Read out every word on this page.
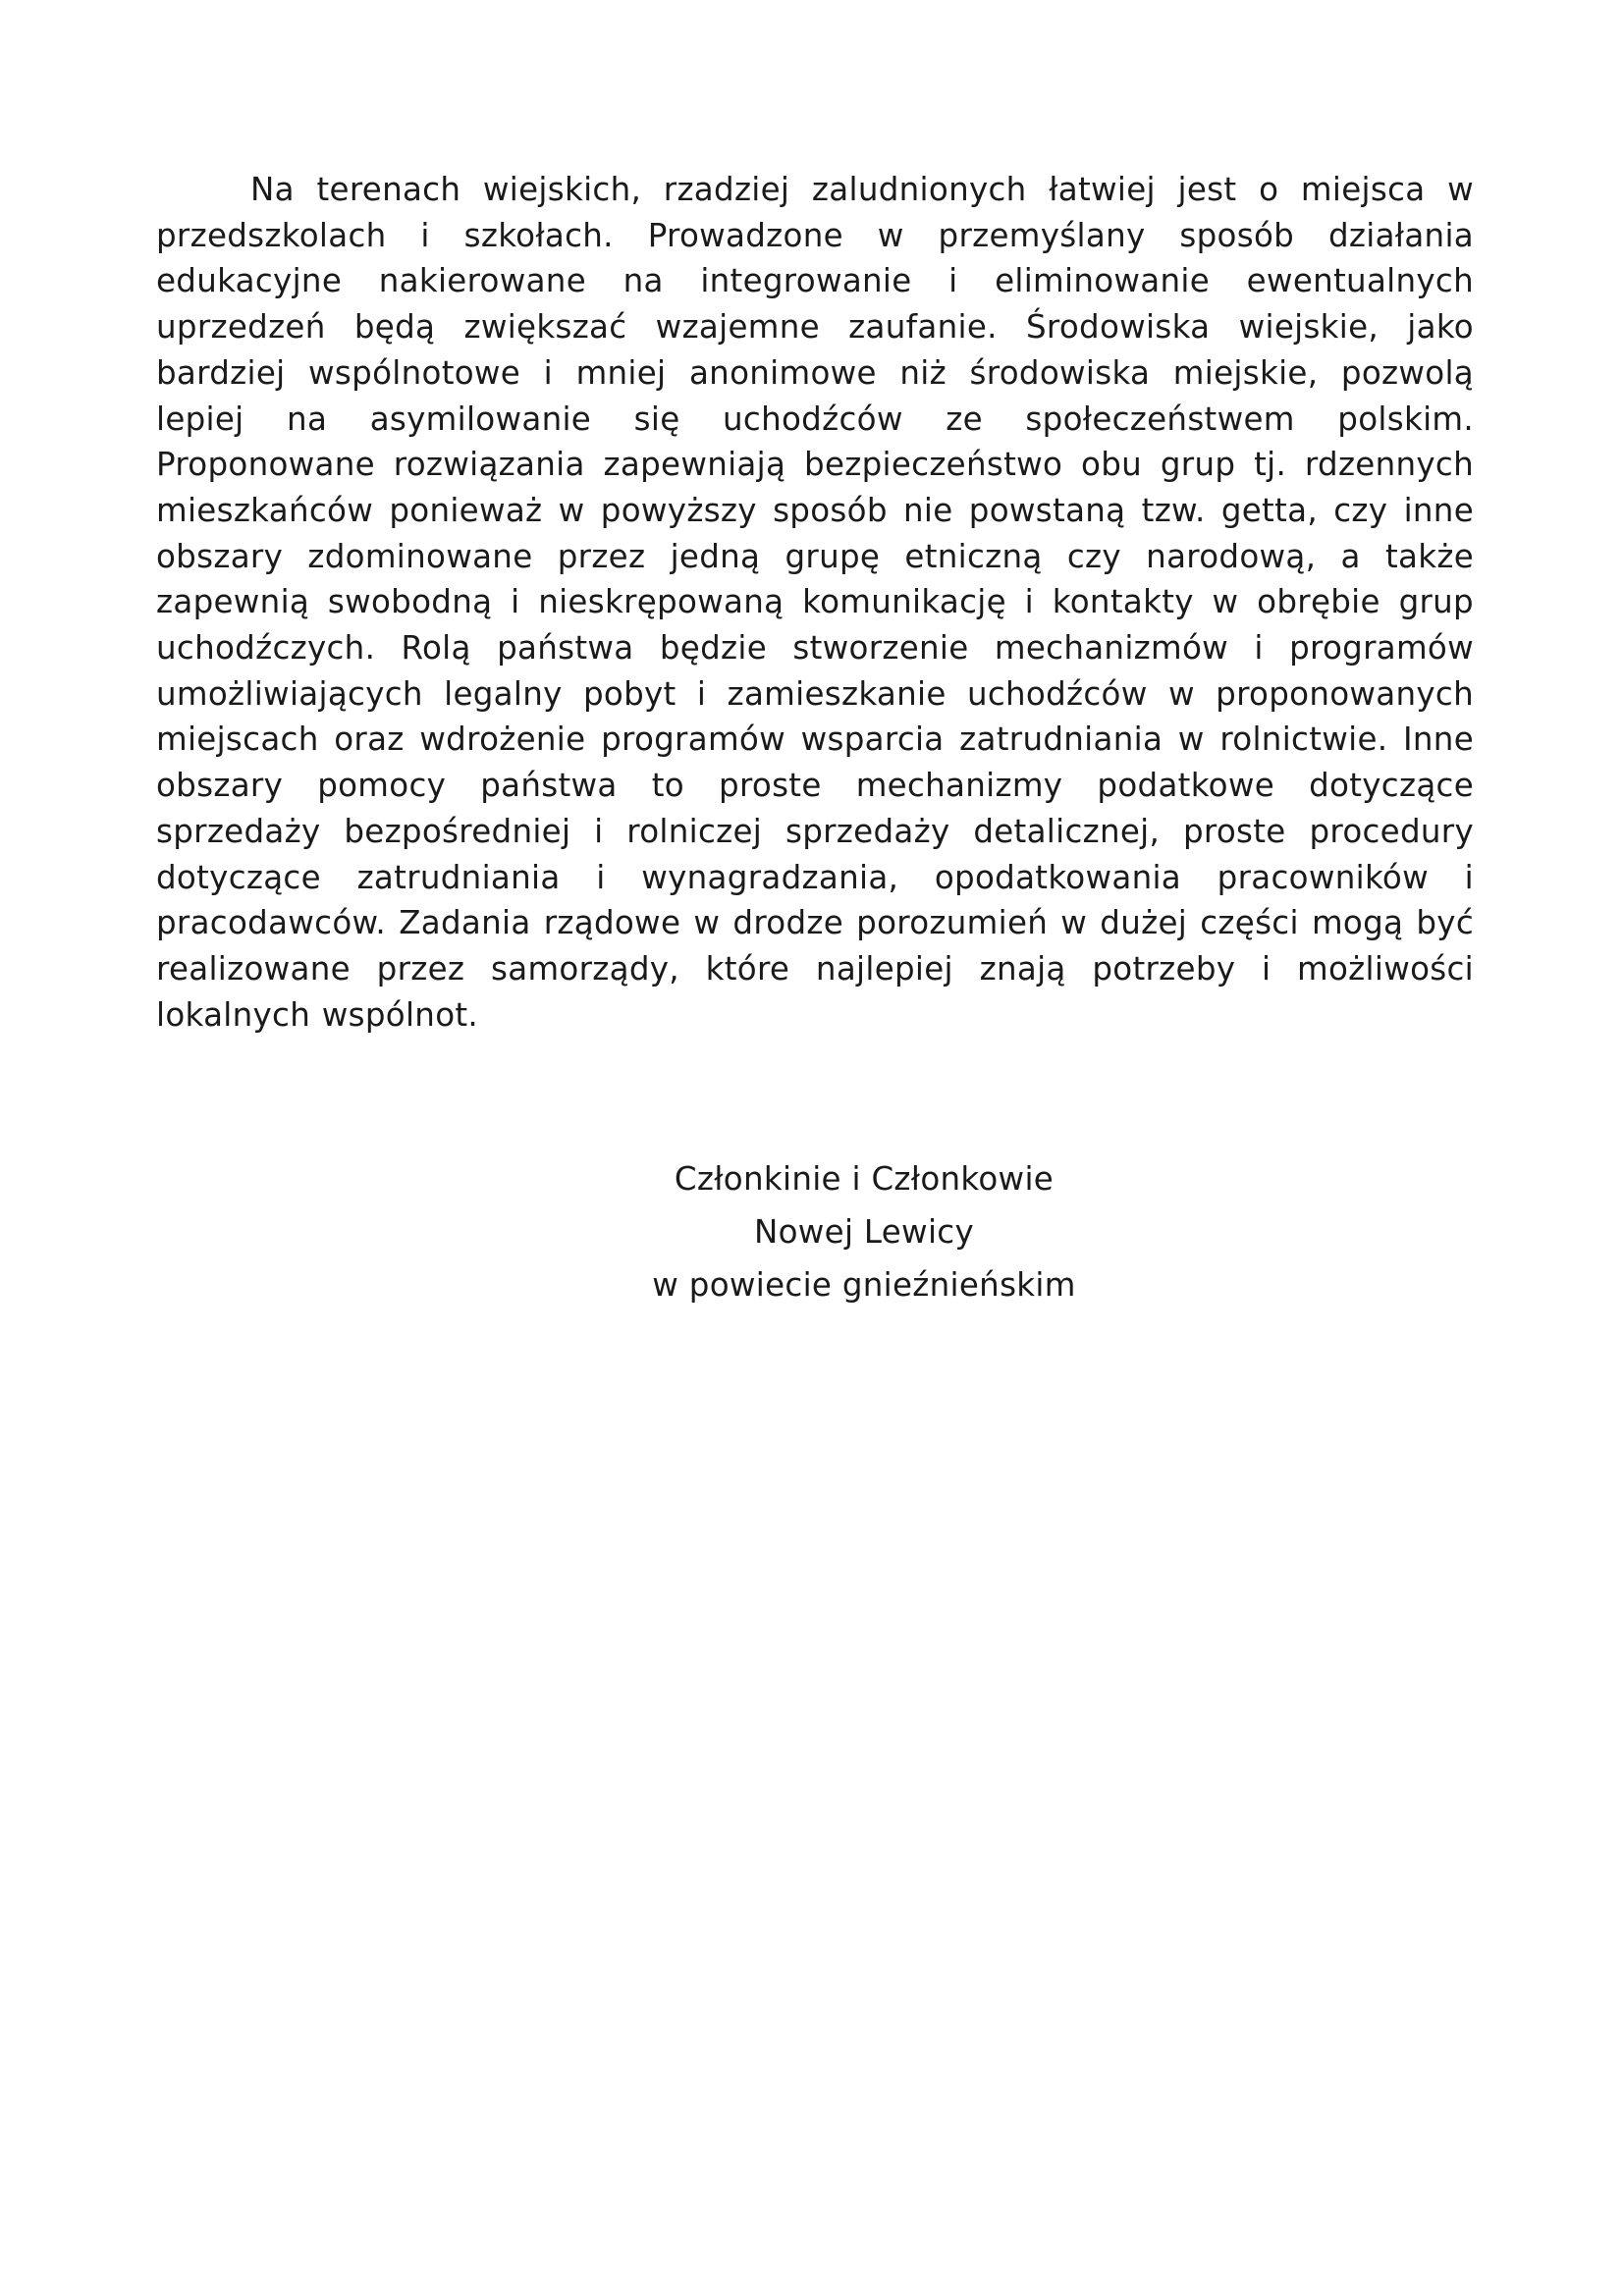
Na terenach wiejskich, rzadziej zaludnionych łatwiej jest o miejsca w przedszkolach i szkołach. Prowadzone w przemyślany sposób działania edukacyjne nakierowane na integrowanie i eliminowanie ewentualnych uprzedzeń będą zwiększać wzajemne zaufanie. Środowiska wiejskie, jako bardziej wspólnotowe i mniej anonimowe niż środowiska miejskie, pozwolą lepiej na asymilowanie się uchodźców ze społeczeństwem polskim. Proponowane rozwiązania zapewniają bezpieczeństwo obu grup tj. rdzennych mieszkańców ponieważ w powyższy sposób nie powstaną tzw. getta, czy inne obszary zdominowane przez jedną grupę etniczną czy narodową, a także zapewnią swobodną i nieskrępowaną komunikację i kontakty w obrębie grup uchodźczych. Rolą państwa będzie stworzenie mechanizmów i programów umożliwiających legalny pobyt i zamieszkanie uchodźców w proponowanych miejscach oraz wdrożenie programów wsparcia zatrudniania w rolnictwie. Inne obszary pomocy państwa to proste mechanizmy podatkowe dotyczące sprzedaży bezpośredniej i rolniczej sprzedaży detalicznej, proste procedury dotyczące zatrudniania i wynagradzania, opodatkowania pracowników i pracodawców. Zadania rządowe w drodze porozumień w dużej części mogą być realizowane przez samorządy, które najlepiej znają potrzeby i możliwości lokalnych wspólnot.

Członkinie i Członkowie
Nowej Lewicy
w powiecie gnieźnieńskim
